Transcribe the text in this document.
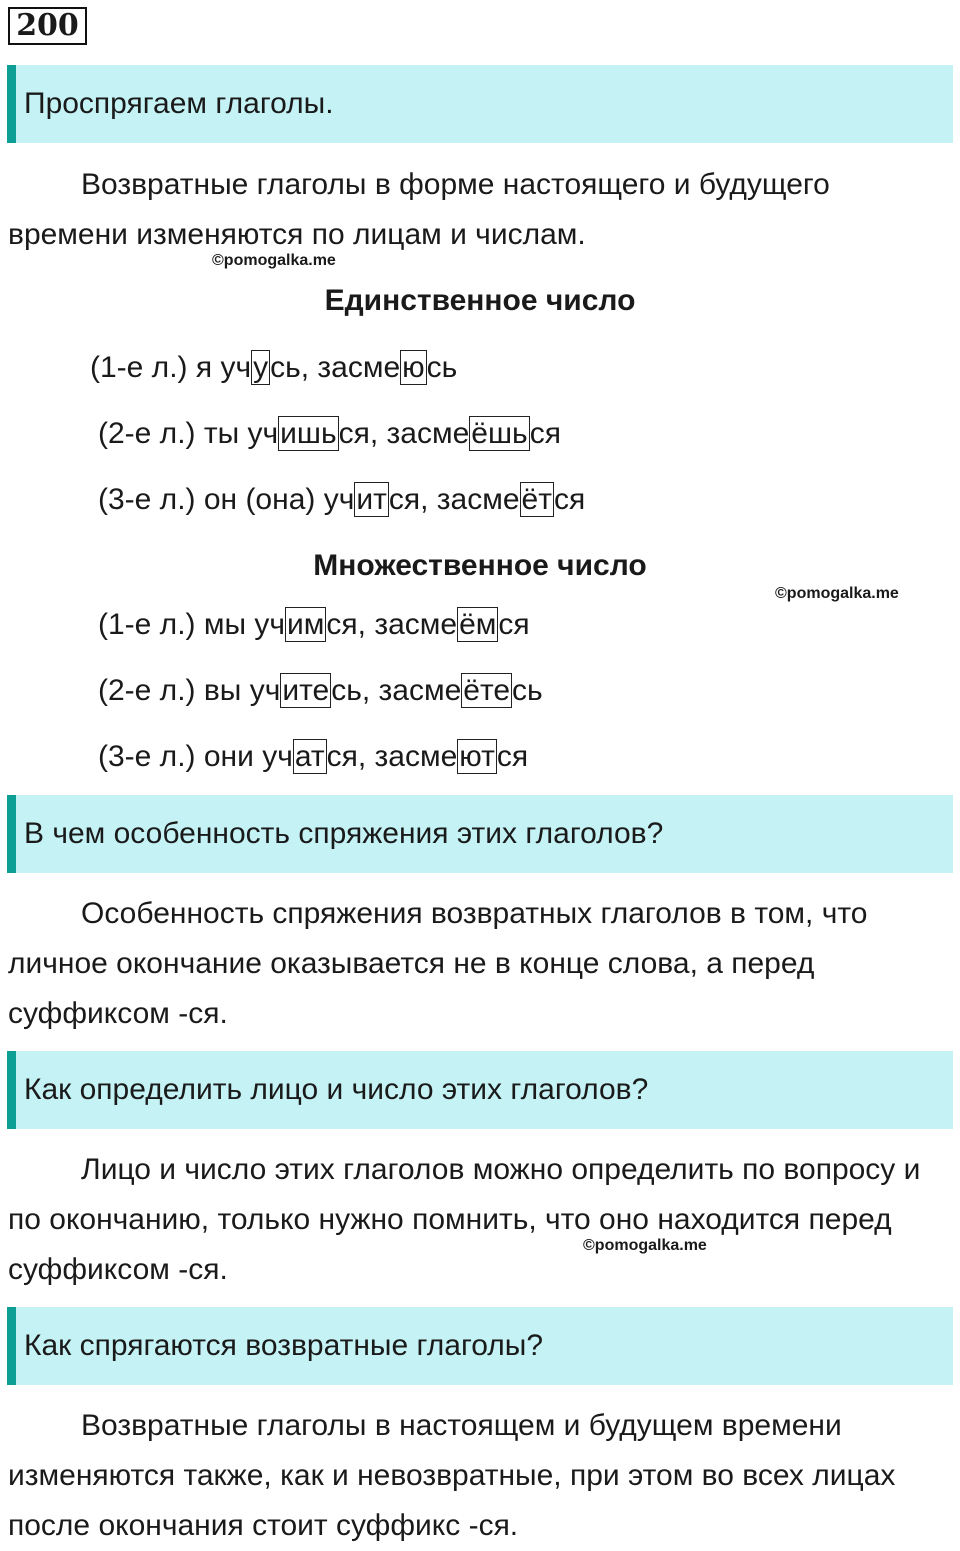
200
Проспрягаем глаголы.

Возвратные глаголы в форме настоящего и будущего времени изменяются по лицам и числам.

©pomogalka.me
Единственное число
(1-е л.) я учусь, засмеюсь
(2-е л.) ты учишься, засмеёшься
(3-е л.) он (она) учится, засмеётся
Множественное число
©pomogalka.me
(1-е л.) мы учимся, засмеёмся
(2-е л.) вы учитесь, засмеётесь
(3-е л.) они учатся, засмеются
В чем особенность спряжения этих глаголов?

Особенность спряжения возвратных глаголов в том, что личное окончание оказывается не в конце слова, а перед суффиксом -ся.

Как определить лицо и число этих глаголов?

Лицо и число этих глаголов можно определить по вопросу и по окончанию, только нужно помнить, что оно находится перед суффиксом -ся.

©pomogalka.me
Как спрягаются возвратные глаголы?

Возвратные глаголы в настоящем и будущем времени изменяются также, как и невозвратные, при этом во всех лицах после окончания стоит суффикс -ся.
